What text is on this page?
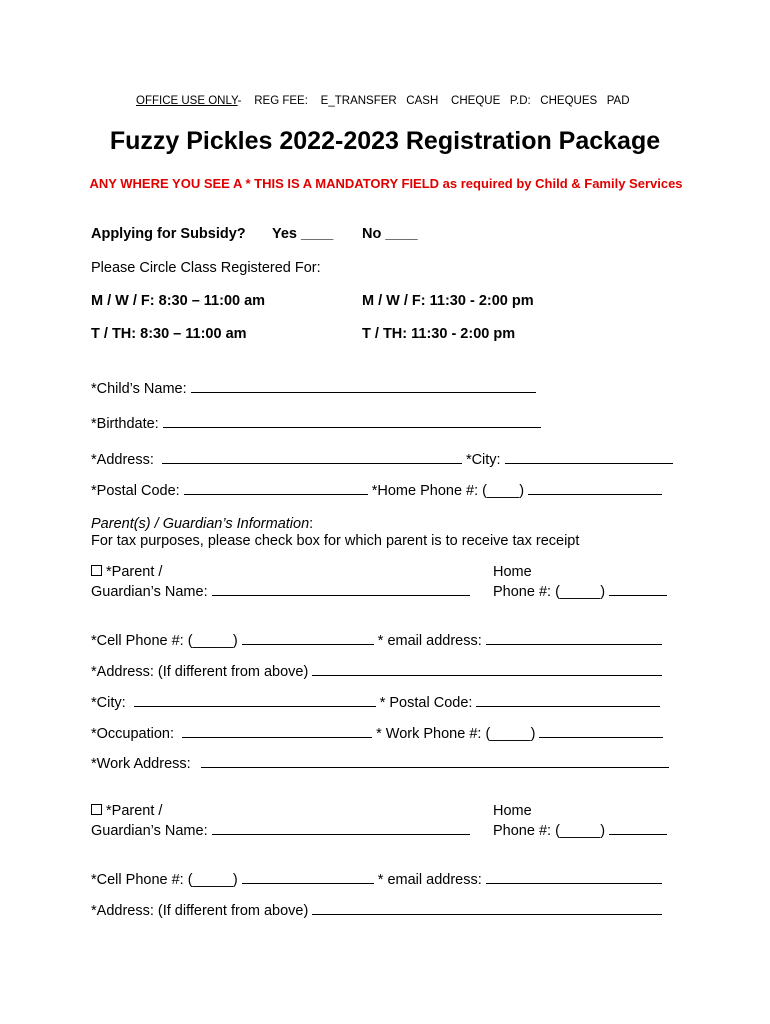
OFFICE USE ONLY-    REG FEE:    E_TRANSFER   CASH    CHEQUE   P.D:   CHEQUES   PAD
Fuzzy Pickles 2022-2023 Registration Package
ANY WHERE YOU SEE A * THIS IS A MANDATORY FIELD as required by Child & Family Services
Applying for Subsidy? Yes ____ No ____
Please Circle Class Registered For:
M / W / F: 8:30 – 11:00 am	M / W / F: 11:30 - 2:00 pm
T / TH: 8:30 – 11:00 am	T / TH: 11:30 - 2:00 pm
*Child’s Name:
*Birthdate:
*Address:	*City:
*Postal Code:	*Home Phone #: (____)
Parent(s) / Guardian’s Information:
For tax purposes, please check box for which parent is to receive tax receipt
*Parent /
Guardian’s Name:
Home
Phone #: (_____)
*Cell Phone #: (_____)	* email address:
*Address: (If different from above)
*City:	* Postal Code:
*Occupation:	* Work Phone #: (_____)
*Work Address:
*Parent /
Guardian’s Name:
Home
Phone #: (_____)
*Cell Phone #: (_____)	* email address:
*Address: (If different from above)
